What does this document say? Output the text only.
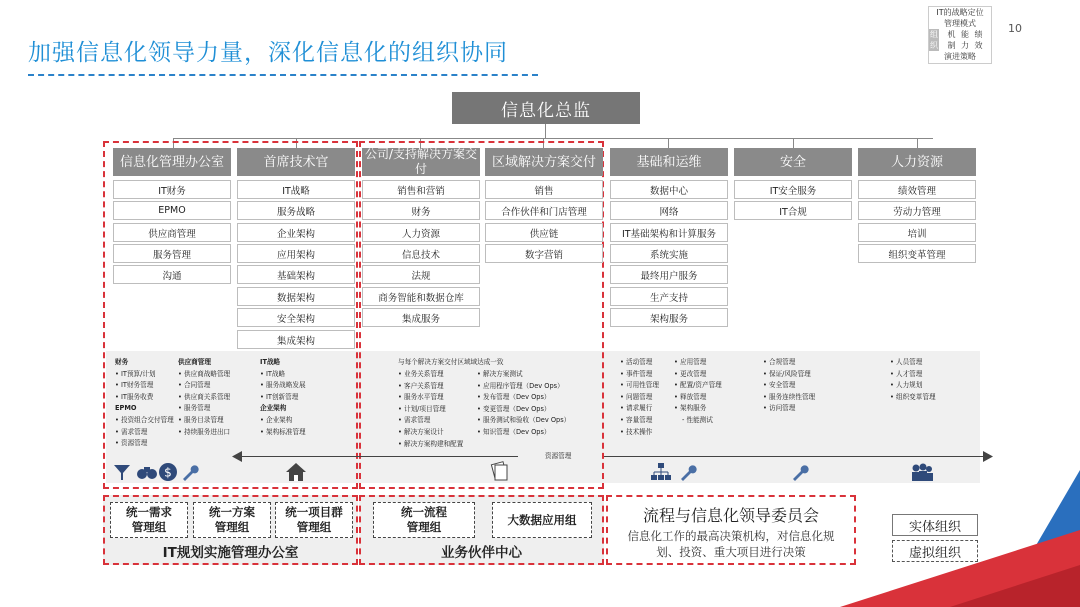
加强信息化领导力量，深化信息化的组织协同
10
IT的战略定位
管理模式
组织
机 能 绩
制 力 效
演进策略
信息化总监
信息化管理办公室
IT财务
EPMO
供应商管理
服务管理
沟通
首席技术官
IT战略
服务战略
企业架构
应用架构
基础架构
数据架构
安全架构
集成架构
公司/支持解决方案交付
销售和营销
财务
人力资源
信息技术
法规
商务智能和数据仓库
集成服务
区域解决方案交付
销售
合作伙伴和门店管理
供应链
数字营销
基础和运维
数据中心
网络
IT基础架构和计算服务
系统实施
最终用户服务
生产支持
架构服务
安全
IT安全服务
IT合规
人力资源
绩效管理
劳动力管理
培训
组织变革管理
财务
• IT预算/计划
• IT财务管理
• IT服务收费
EPMO
• 投资组合交付管理
• 需求管理
• 资源管理
供应商管理
• 供应商战略管理
• 合同管理
• 供应商关系管理
• 服务管理
• 服务目录管理
• 持续服务进出口
IT战略
• IT战略
• 服务战略发展
• IT创新管理
企业架构
• 企业架构
• 架构标准管理
与每个解决方案交付区域域达成一致
• 业务关系管理
• 客户关系管理
• 服务水平管理
• 计划/项目管理
• 需求管理
• 解决方案设计
• 解决方案构建和配置
• 解决方案测试
• 应用程序管理（Dev Ops）
• 发布管理（Dev Ops）
• 变更管理（Dev Ops）
• 服务测试和验收（Dev Ops）
• 知识管理（Dev Ops）
资源管理
• 活动管理
• 事件管理
• 可用性管理
• 问题管理
• 请求履行
• 容量管理
• 技术操作
• 应用管理
• 更改管理
• 配置/资产管理
• 释放管理
• 架构服务
- 性能测试
• 合规管理
• 保证/风险管理
• 安全管理
• 服务连续性管理
• 访问管理
• 人员管理
• 人才管理
• 人力规划
• 组织变革管理
$
统一需求
管理组
统一方案
管理组
统一项目群
管理组
IT规划实施管理办公室
统一流程
管理组
大数据应用组
业务伙伴中心
流程与信息化领导委员会
信息化工作的最高决策机构，对信息化规划、投资、重大项目进行决策
实体组织
虚拟组织
